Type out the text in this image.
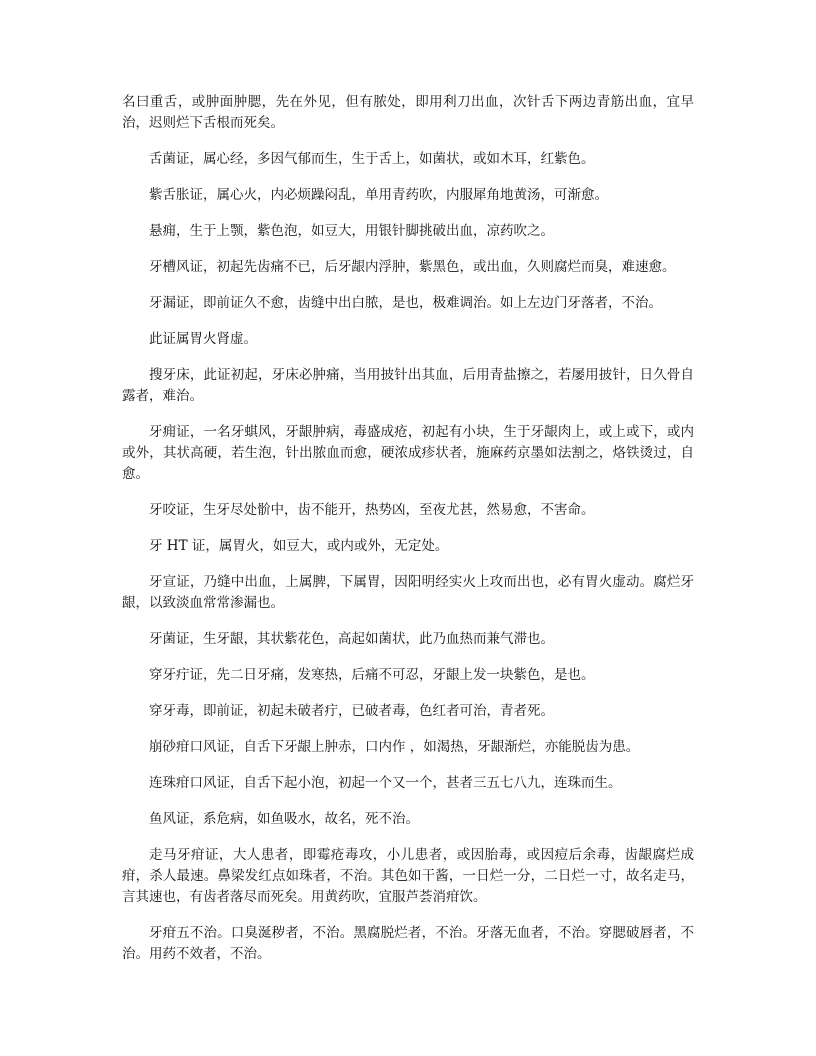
名曰重舌，或肿面肿腮，先在外见，但有脓处，即用利刀出血，次针舌下两边青筋出血，宜早治，迟则烂下舌根而死矣。

舌菌证，属心经，多因气郁而生，生于舌上，如菌状，或如木耳，红紫色。

紫舌胀证，属心火，内必烦躁闷乱，单用青药吹，内服犀角地黄汤，可渐愈。

悬痈，生于上颚，紫色泡，如豆大，用银针脚挑破出血，凉药吹之。

牙槽风证，初起先齿痛不已，后牙龈内浮肿，紫黑色，或出血，久则腐烂而臭，难速愈。

牙漏证，即前证久不愈，齿缝中出白脓，是也，极难调治。如上左边门牙落者，不治。

此证属胃火肾虚。

搜牙床，此证初起，牙床必肿痛，当用披针出其血，后用青盐擦之，若屡用披针，日久骨自露者，难治。

牙痈证，一名牙蜞风，牙龈肿病，毒盛成疮，初起有小块，生于牙龈肉上，或上或下，或内或外，其状高硬，若生泡，针出脓血而愈，硬浓成疹状者，施麻药京墨如法割之，烙铁烫过，自愈。

牙咬证，生牙尽处骱中，齿不能开，热势凶，至夜尤甚，然易愈，不害命。

牙 HT 证，属胃火，如豆大，或内或外，无定处。

牙宣证，乃缝中出血，上属脾，下属胃，因阳明经实火上攻而出也，必有胃火虚动。腐烂牙龈，以致淡血常常渗漏也。

牙菌证，生牙龈，其状紫花色，高起如菌状，此乃血热而兼气滞也。

穿牙疔证，先二日牙痛，发寒热，后痛不可忍，牙龈上发一块紫色，是也。

穿牙毒，即前证，初起未破者疔，已破者毒，色红者可治，青者死。

崩砂疳口风证，自舌下牙龈上肿赤，口内作 ，如渴热，牙龈渐烂，亦能脱齿为患。

连珠疳口风证，自舌下起小泡，初起一个又一个，甚者三五七八九，连珠而生。

鱼风证，系危病，如鱼吸水，故名，死不治。

走马牙疳证，大人患者，即霉疮毒攻，小儿患者，或因胎毒，或因痘后余毒，齿龈腐烂成疳，杀人最速。鼻梁发红点如珠者，不治。其色如干酱，一日烂一分，二日烂一寸，故名走马，言其速也，有齿者落尽而死矣。用黄药吹，宜服芦荟消疳饮。

牙疳五不治。口臭涎秽者，不治。黑腐脱烂者，不治。牙落无血者，不治。穿腮破唇者，不治。用药不效者，不治。
